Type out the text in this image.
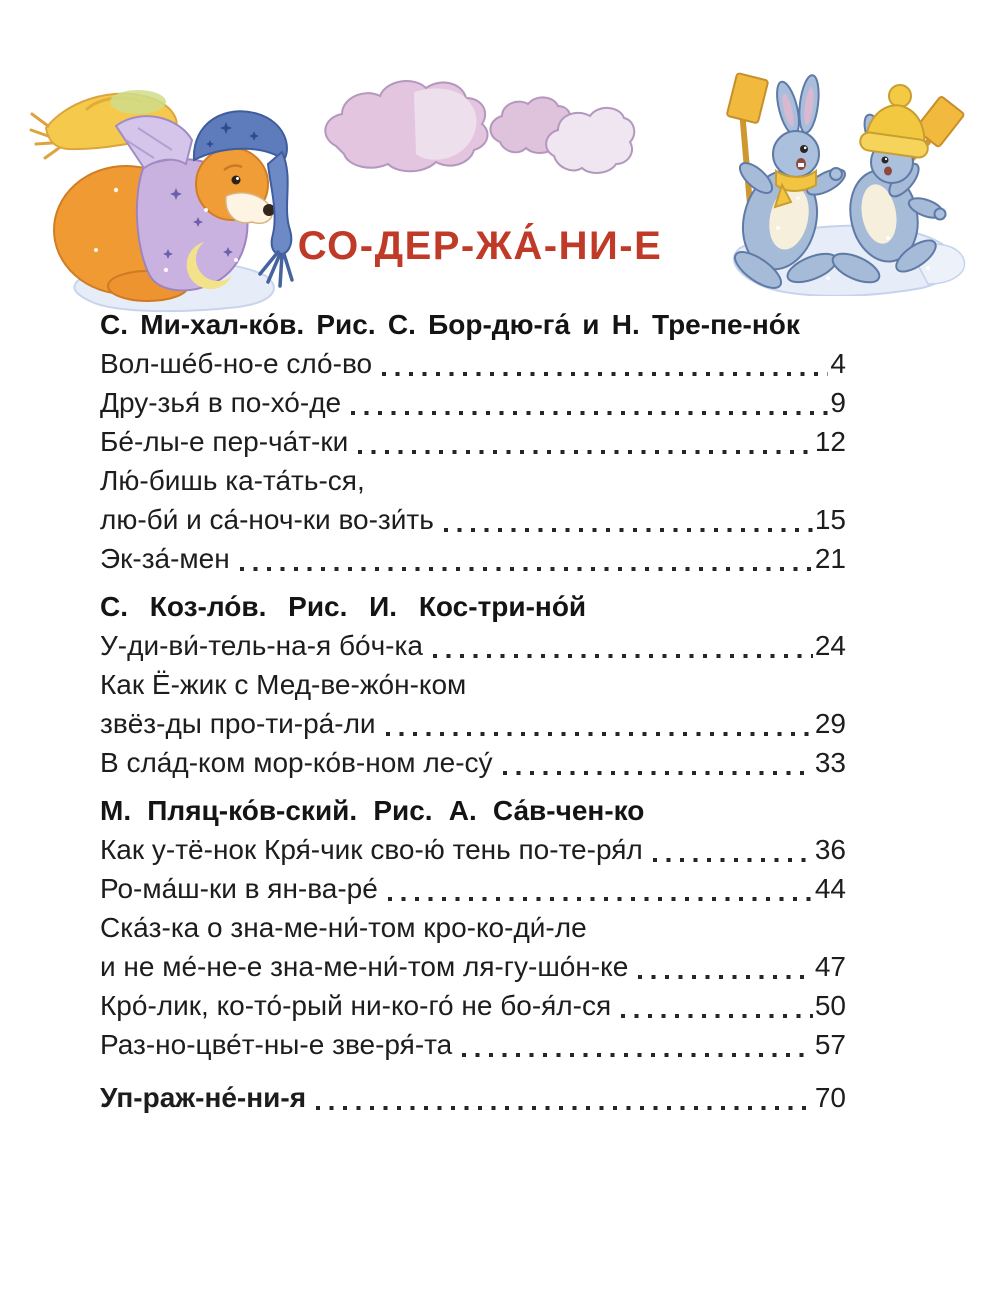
СО-ДЕР-ЖА́-НИ-Е
С. Ми-хал-ко́в. Рис. С. Бор-дю-га́ и Н. Тре-пе-но́к
Вол-ше́б-но-е сло́-во	4
Дру-зья́ в по-хо́-де	9
Бе́-лы-е пер-ча́т-ки	12
Лю́-бишь ка-та́ть-ся,
лю-би́ и са́-ноч-ки во-зи́ть	15
Эк-за́-мен	21
С. Коз-ло́в. Рис. И. Кос-три-но́й
У-ди-ви́-тель-на-я бо́ч-ка	24
Как Ё-жик с Мед-ве-жо́н-ком
звёз-ды про-ти-ра́-ли	29
В сла́д-ком мор-ко́в-ном ле-су́	33
М. Пляц-ко́в-ский. Рис. А. Са́в-чен-ко
Как у-тё-нок Кря́-чик сво-ю́ тень по-те-ря́л	36
Ро-ма́ш-ки в ян-ва-ре́	44
Ска́з-ка о зна-ме-ни́-том кро-ко-ди́-ле
и не ме́-не-е зна-ме-ни́-том ля-гу-шо́н-ке	47
Кро́-лик, ко-то́-рый ни-ко-го́ не бо-я́л-ся	50
Раз-но-цве́т-ны-е зве-ря́-та	57
Уп-раж-не́-ни-я	70
